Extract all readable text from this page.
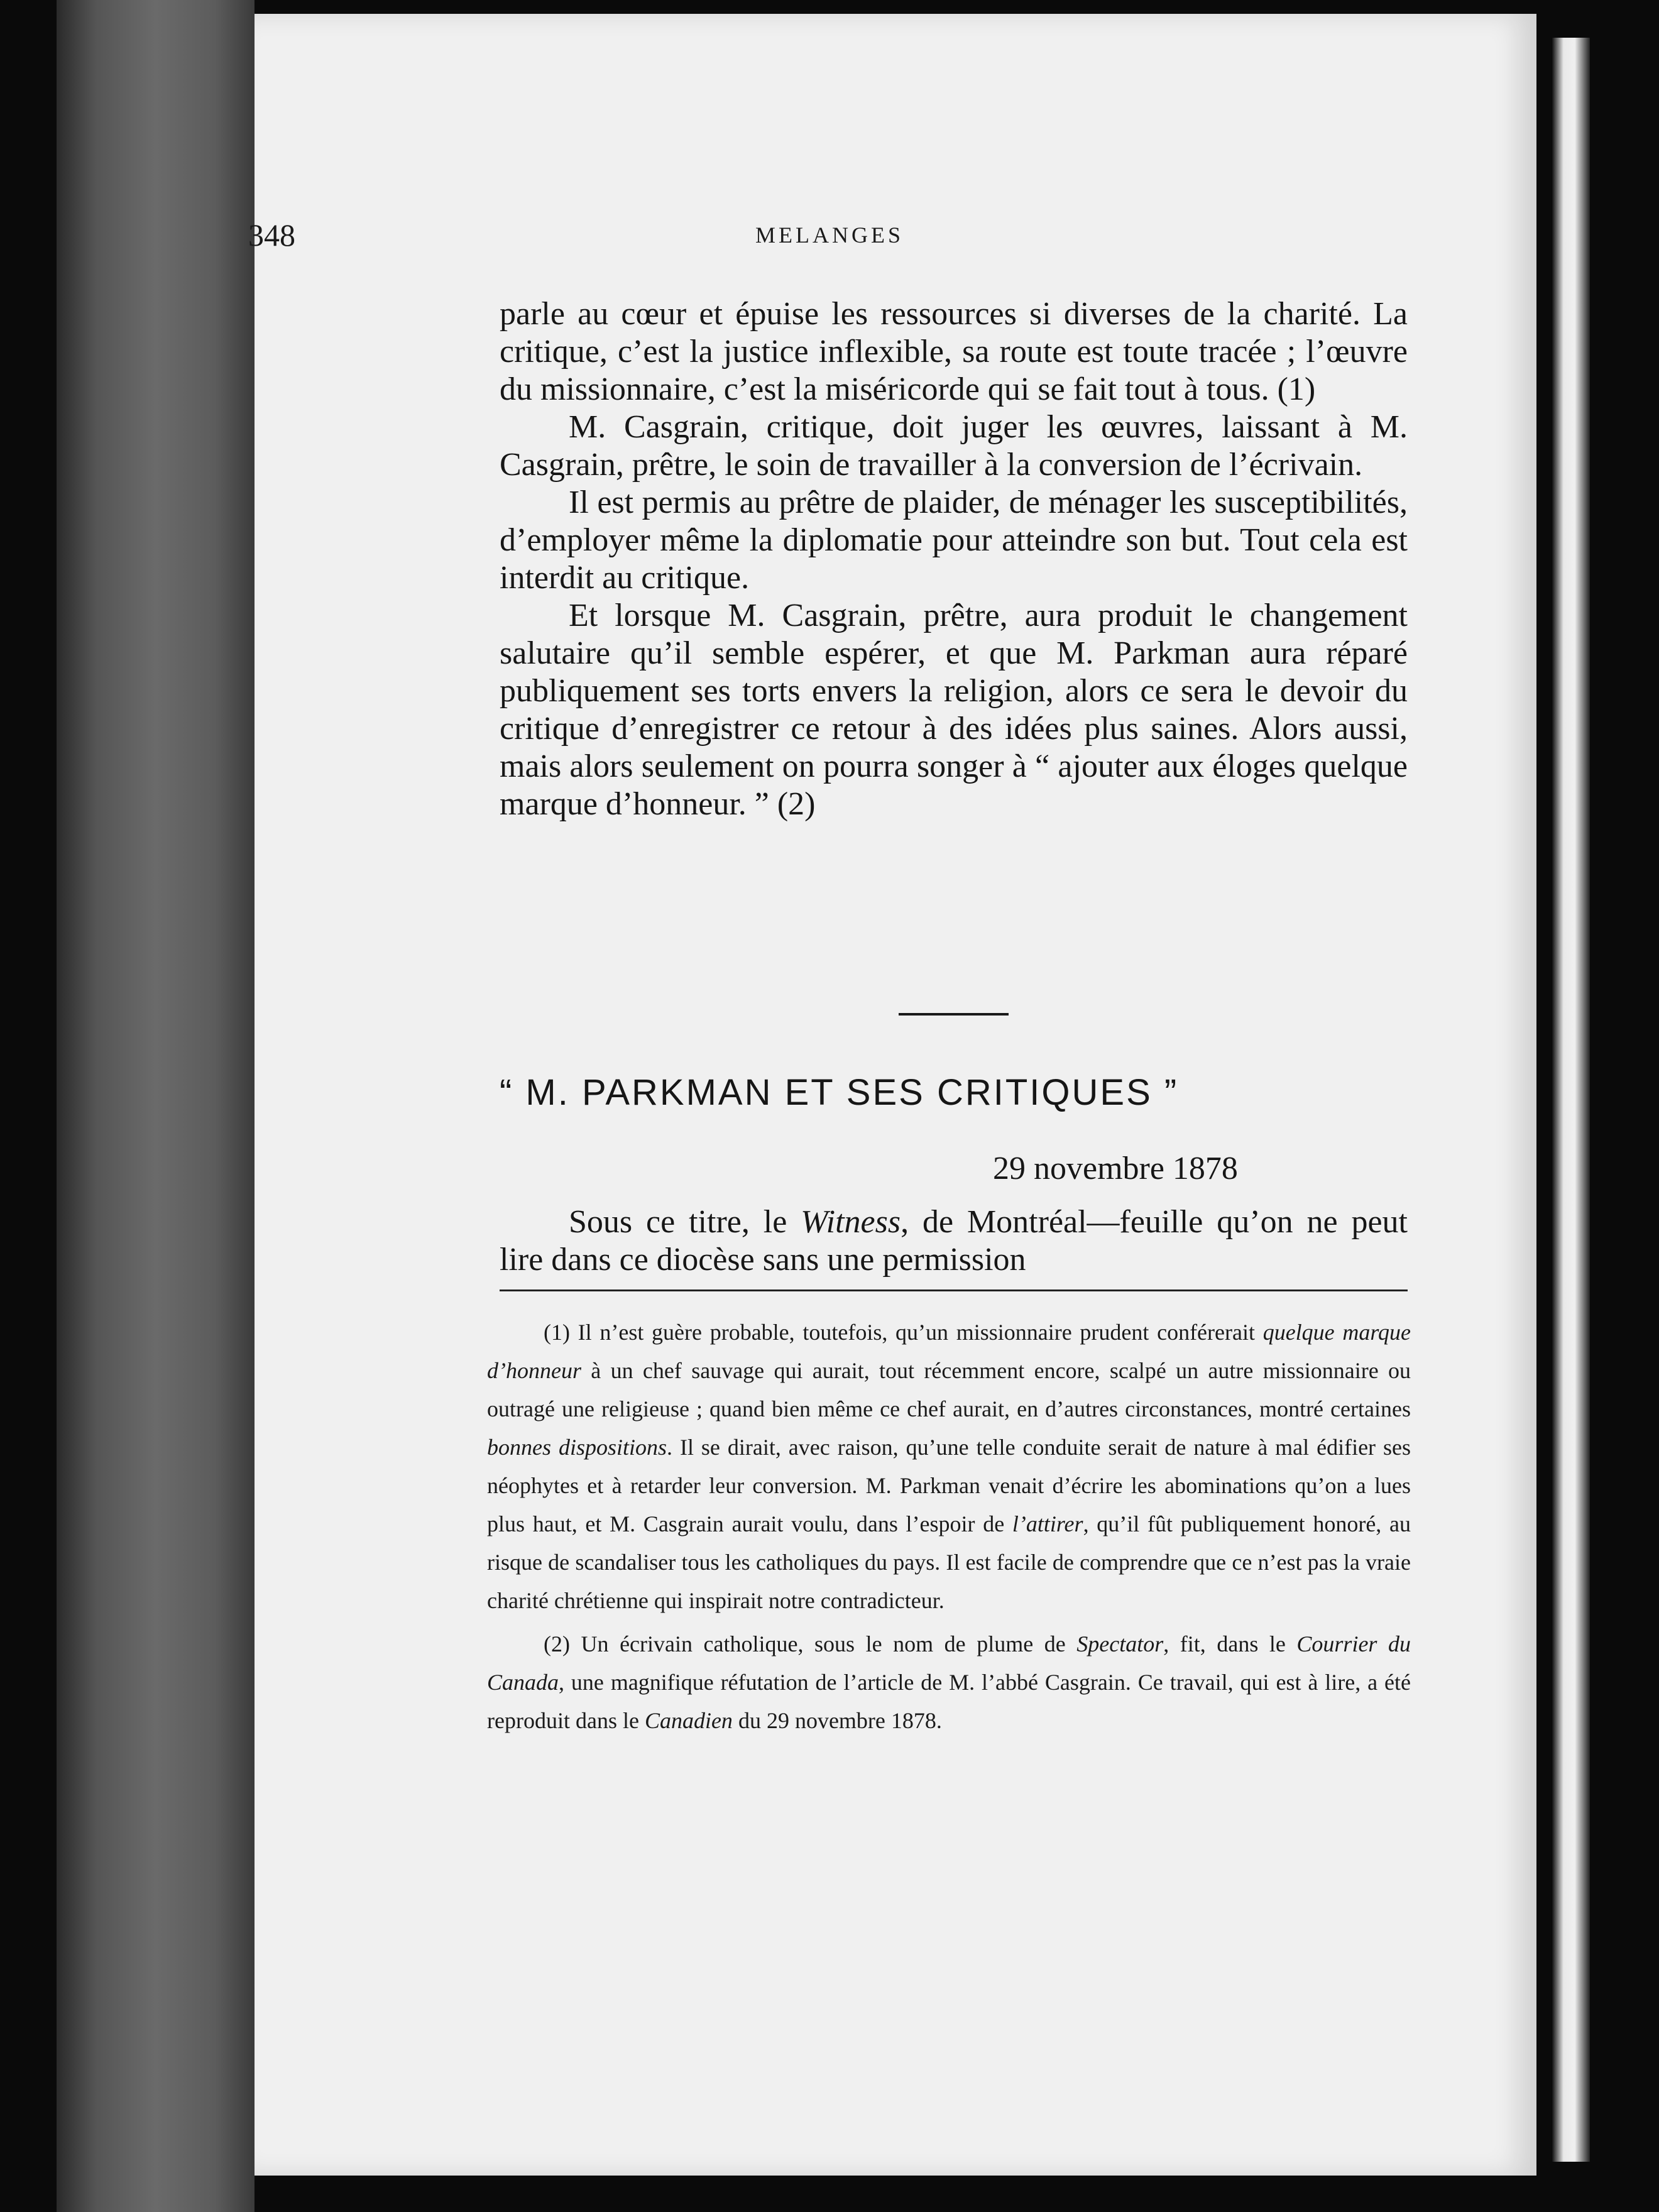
348	MELANGES

parle au cœur et épuise les ressources si diverses de la charité. La critique, c’est la justice inflexible, sa route est toute tracée ; l’œuvre du missionnaire, c’est la miséricorde qui se fait tout à tous. (1)

M. Casgrain, critique, doit juger les œuvres, laissant à M. Casgrain, prêtre, le soin de travailler à la conversion de l’écrivain.

Il est permis au prêtre de plaider, de ménager les susceptibilités, d’employer même la diplomatie pour atteindre son but. Tout cela est interdit au critique.

Et lorsque M. Casgrain, prêtre, aura produit le changement salutaire qu’il semble espérer, et que M. Parkman aura réparé publiquement ses torts envers la religion, alors ce sera le devoir du critique d’enregistrer ce retour à des idées plus saines. Alors aussi, mais alors seulement on pourra songer à “ ajouter aux éloges quelque marque d’honneur. ” (2)

“ M. PARKMAN ET SES CRITIQUES ”
29 novembre 1878

Sous ce titre, le Witness, de Montréal—feuille qu’on ne peut lire dans ce diocèse sans une permission

(1) Il n’est guère probable, toutefois, qu’un missionnaire prudent conférerait quelque marque d’honneur à un chef sauvage qui aurait, tout récemment encore, scalpé un autre missionnaire ou outragé une religieuse ; quand bien même ce chef aurait, en d’autres circonstances, montré certaines bonnes dispositions. Il se dirait, avec raison, qu’une telle conduite serait de nature à mal édifier ses néophytes et à retarder leur conversion. M. Parkman venait d’écrire les abominations qu’on a lues plus haut, et M. Casgrain aurait voulu, dans l’espoir de l’attirer, qu’il fût publiquement honoré, au risque de scandaliser tous les catholiques du pays. Il est facile de comprendre que ce n’est pas la vraie charité chrétienne qui inspirait notre contradicteur.

(2) Un écrivain catholique, sous le nom de plume de Spectator, fit, dans le Courrier du Canada, une magnifique réfutation de l’article de M. l’abbé Casgrain. Ce travail, qui est à lire, a été reproduit dans le Canadien du 29 novembre 1878.
